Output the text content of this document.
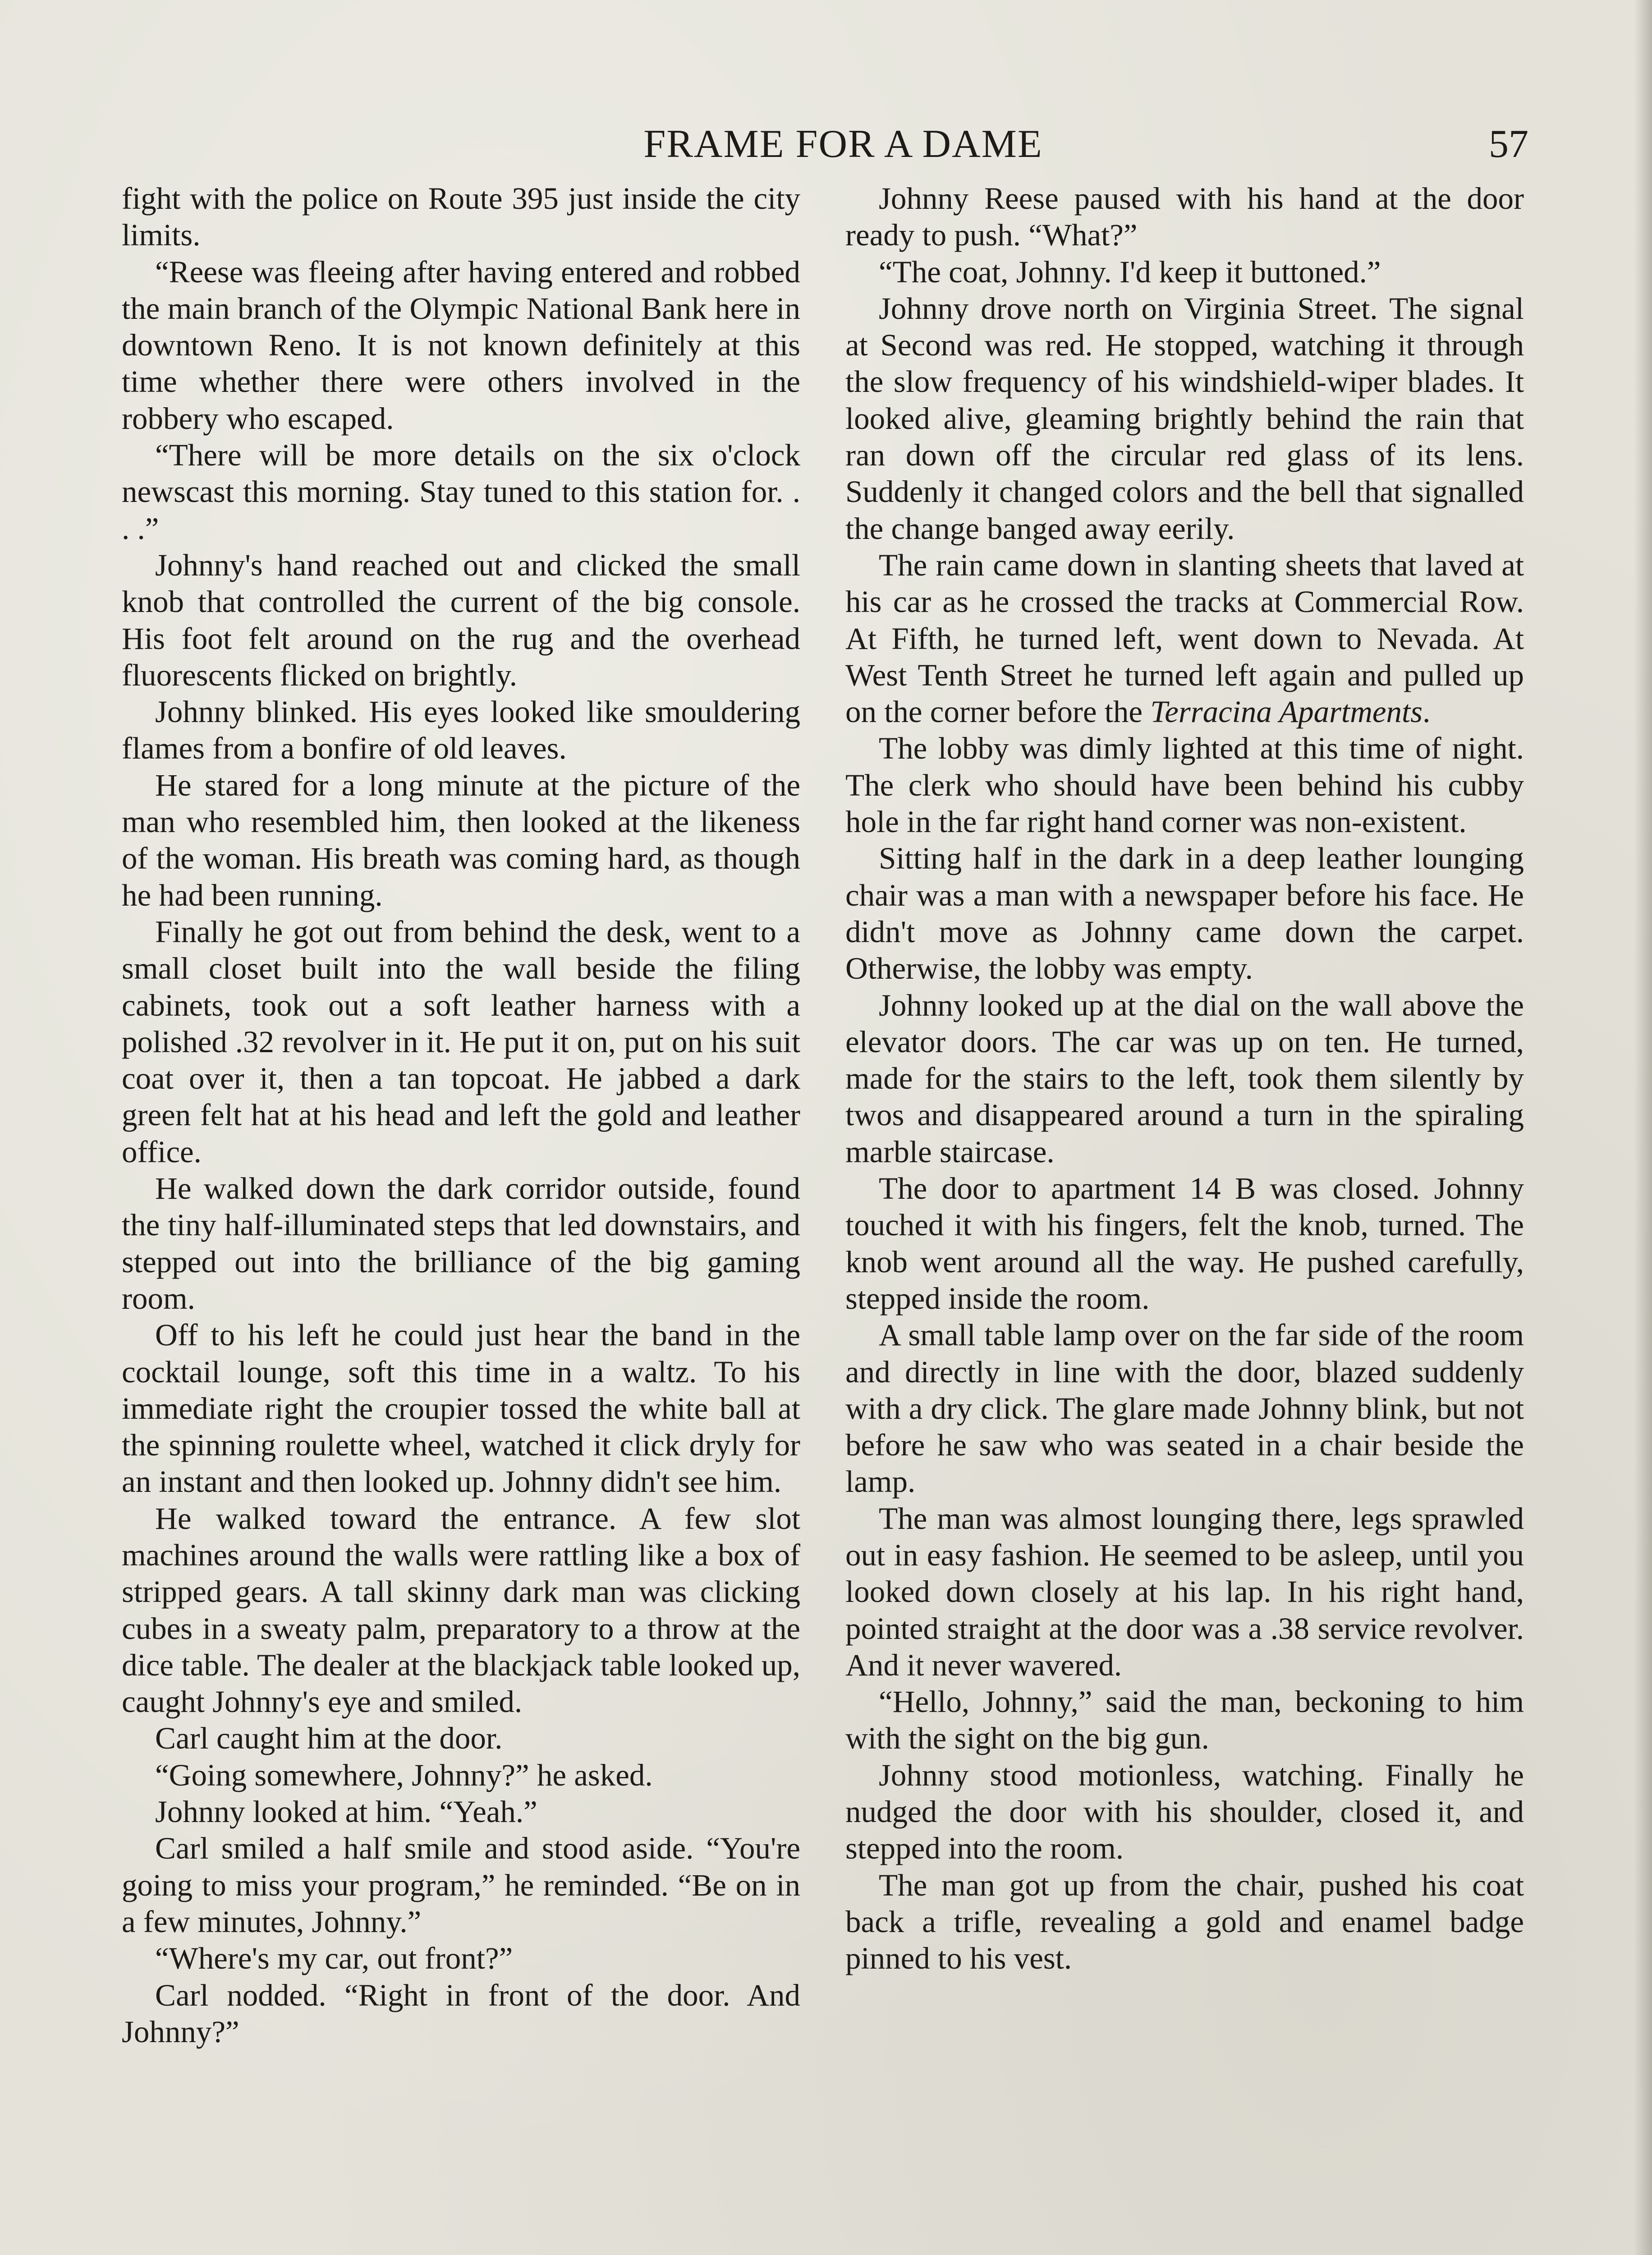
FRAME FOR A DAME	57

fight with the police on Route 395 just inside the city limits.

“Reese was fleeing after having entered and robbed the main branch of the Olympic National Bank here in downtown Reno. It is not known definitely at this time whether there were others involved in the robbery who escaped.

“There will be more details on the six o'clock newscast this morning. Stay tuned to this station for. . . .”

Johnny's hand reached out and clicked the small knob that controlled the current of the big console. His foot felt around on the rug and the overhead fluorescents flicked on brightly.

Johnny blinked. His eyes looked like smouldering flames from a bonfire of old leaves.

He stared for a long minute at the picture of the man who resembled him, then looked at the likeness of the woman. His breath was coming hard, as though he had been running.

Finally he got out from behind the desk, went to a small closet built into the wall beside the filing cabinets, took out a soft leather harness with a polished .32 revolver in it. He put it on, put on his suit coat over it, then a tan topcoat. He jabbed a dark green felt hat at his head and left the gold and leather office.

He walked down the dark corridor outside, found the tiny half-illuminated steps that led downstairs, and stepped out into the brilliance of the big gaming room.

Off to his left he could just hear the band in the cocktail lounge, soft this time in a waltz. To his immediate right the croupier tossed the white ball at the spinning roulette wheel, watched it click dryly for an instant and then looked up. Johnny didn't see him.

He walked toward the entrance. A few slot machines around the walls were rattling like a box of stripped gears. A tall skinny dark man was clicking cubes in a sweaty palm, preparatory to a throw at the dice table. The dealer at the blackjack table looked up, caught Johnny's eye and smiled.

Carl caught him at the door.

“Going somewhere, Johnny?” he asked.

Johnny looked at him. “Yeah.”

Carl smiled a half smile and stood aside. “You're going to miss your program,” he reminded. “Be on in a few minutes, Johnny.”

“Where's my car, out front?”

Carl nodded. “Right in front of the door. And Johnny?”

Johnny Reese paused with his hand at the door ready to push. “What?”

“The coat, Johnny. I'd keep it buttoned.”

Johnny drove north on Virginia Street. The signal at Second was red. He stopped, watching it through the slow frequency of his windshield-wiper blades. It looked alive, gleaming brightly behind the rain that ran down off the circular red glass of its lens. Suddenly it changed colors and the bell that signalled the change banged away eerily.

The rain came down in slanting sheets that laved at his car as he crossed the tracks at Commercial Row. At Fifth, he turned left, went down to Nevada. At West Tenth Street he turned left again and pulled up on the corner before the Terracina Apartments.

The lobby was dimly lighted at this time of night. The clerk who should have been behind his cubby hole in the far right hand corner was non-existent.

Sitting half in the dark in a deep leather lounging chair was a man with a newspaper before his face. He didn't move as Johnny came down the carpet. Otherwise, the lobby was empty.

Johnny looked up at the dial on the wall above the elevator doors. The car was up on ten. He turned, made for the stairs to the left, took them silently by twos and disappeared around a turn in the spiraling marble staircase.

The door to apartment 14 B was closed. Johnny touched it with his fingers, felt the knob, turned. The knob went around all the way. He pushed carefully, stepped inside the room.

A small table lamp over on the far side of the room and directly in line with the door, blazed suddenly with a dry click. The glare made Johnny blink, but not before he saw who was seated in a chair beside the lamp.

The man was almost lounging there, legs sprawled out in easy fashion. He seemed to be asleep, until you looked down closely at his lap. In his right hand, pointed straight at the door was a .38 service revolver. And it never wavered.

“Hello, Johnny,” said the man, beckoning to him with the sight on the big gun.

Johnny stood motionless, watching. Finally he nudged the door with his shoulder, closed it, and stepped into the room.

The man got up from the chair, pushed his coat back a trifle, revealing a gold and enamel badge pinned to his vest.
